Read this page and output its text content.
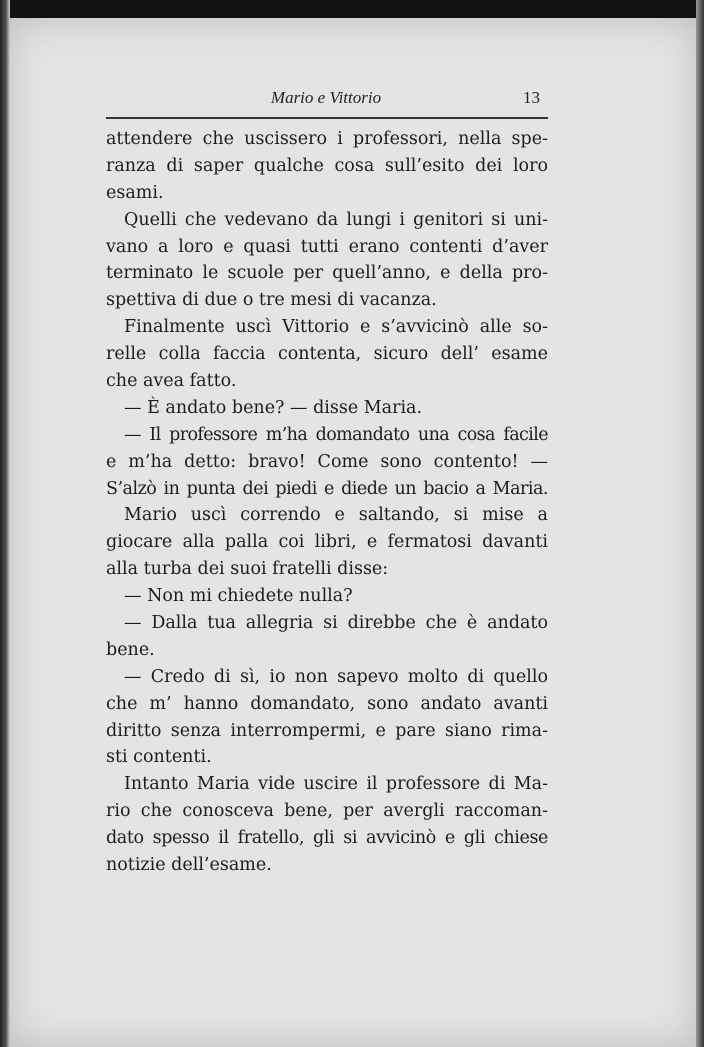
Mario e Vittorio	13
attendere che uscissero i professori, nella spe-
ranza di saper qualche cosa sull’esito dei loro
esami.
Quelli che vedevano da lungi i genitori si uni-
vano a loro e quasi tutti erano contenti d’aver
terminato le scuole per quell’anno, e della pro-
spettiva di due o tre mesi di vacanza.
Finalmente uscì Vittorio e s’avvicinò alle so-
relle colla faccia contenta, sicuro dell’ esame
che avea fatto.
— È andato bene? — disse Maria.
— Il professore m’ha domandato una cosa facile
e m’ha detto: bravo! Come sono contento! —
S’alzò in punta dei piedi e diede un bacio a Maria.
Mario uscì correndo e saltando, si mise a
giocare alla palla coi libri, e fermatosi davanti
alla turba dei suoi fratelli disse:
— Non mi chiedete nulla?
— Dalla tua allegria si direbbe che è andato
bene.
— Credo di sì, io non sapevo molto di quello
che m’ hanno domandato, sono andato avanti
diritto senza interrompermi, e pare siano rima-
sti contenti.
Intanto Maria vide uscire il professore di Ma-
rio che conosceva bene, per avergli raccoman-
dato spesso il fratello, gli si avvicinò e gli chiese
notizie dell’esame.
